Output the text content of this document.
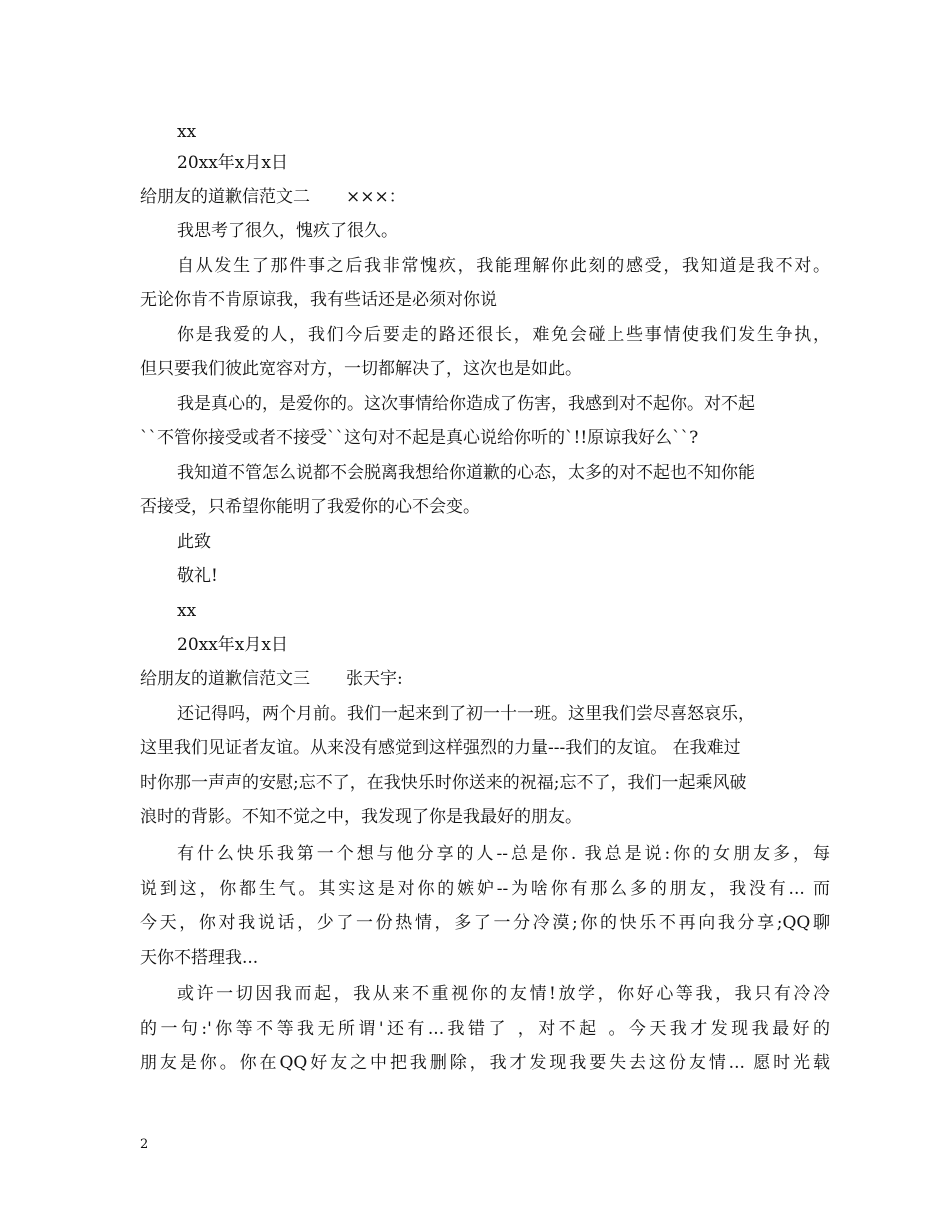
xx
20xx年x月x日
给朋友的道歉信范文二 ×××：
我思考了很久，愧疚了很久。
自从发生了那件事之后我非常愧疚，我能理解你此刻的感受，我知道是我不对。
无论你肯不肯原谅我，我有些话还是必须对你说
你是我爱的人，我们今后要走的路还很长，难免会碰上些事情使我们发生争执，
但只要我们彼此宽容对方，一切都解决了，这次也是如此。
我是真心的，是爱你的。这次事情给你造成了伤害，我感到对不起你。对不起
``不管你接受或者不接受``这句对不起是真心说给你听的`!!原谅我好么``?
我知道不管怎么说都不会脱离我想给你道歉的心态，太多的对不起也不知你能
否接受，只希望你能明了我爱你的心不会变。
此致
敬礼!
xx
20xx年x月x日
给朋友的道歉信范文三 张天宇:
还记得吗，两个月前。我们一起来到了初一十一班。这里我们尝尽喜怒哀乐，
这里我们见证者友谊。从来没有感觉到这样强烈的力量---我们的友谊。 在我难过
时你那一声声的安慰;忘不了，在我快乐时你送来的祝福;忘不了，我们一起乘风破
浪时的背影。不知不觉之中，我发现了你是我最好的朋友。
有什么快乐我第一个想与他分享的人--总是你. 我总是说:你的女朋友多，每
说到这，你都生气。其实这是对你的嫉妒--为啥你有那么多的朋友，我没有... 而
今天，你对我说话，少了一份热情，多了一分冷漠;你的快乐不再向我分享;QQ聊
天你不搭理我...
或许一切因我而起，我从来不重视你的友情!放学，你好心等我，我只有冷冷
的一句:'你等不等我无所谓'还有...我错了 ，对不起 。今天我才发现我最好的
朋友是你。你在QQ好友之中把我删除，我才发现我要失去这份友情... 愿时光载
2
